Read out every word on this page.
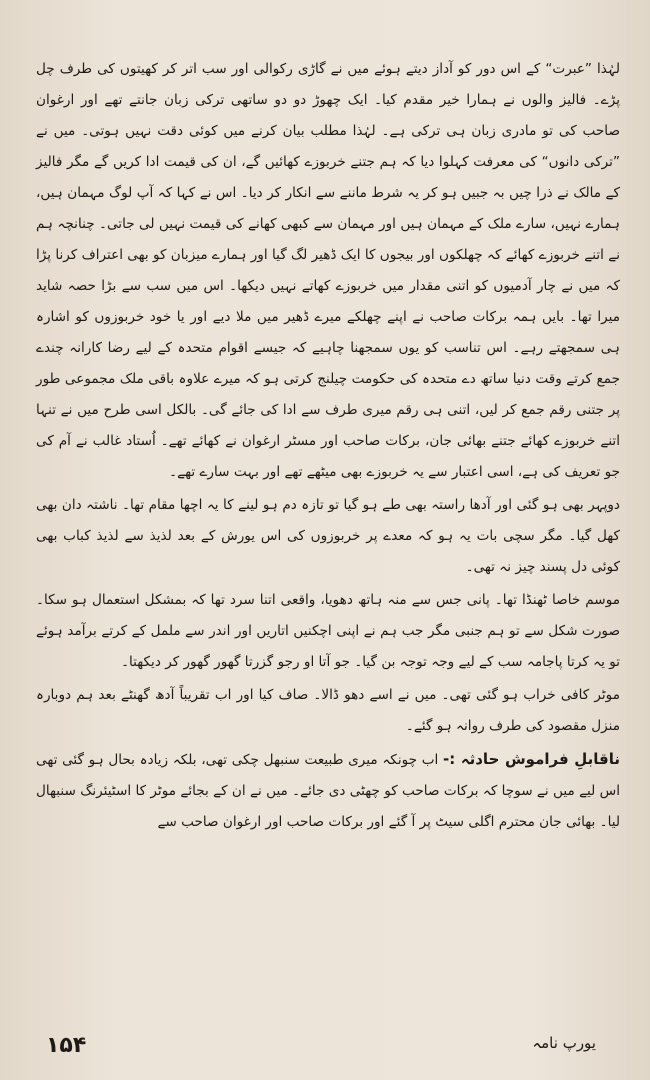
لہٰذا ”عبرت“ کے اس دور کو آداز دیتے ہوئے میں نے گاڑی رکوالی اور سب اتر کر کھیتوں کی طرف چل پڑے۔ فالیز والوں نے ہمارا خیر مقدم کیا۔ ایک چھوڑ دو دو ساتھی ترکی زبان جانتے تھے اور ارغوان صاحب کی تو مادری زبان ہی ترکی ہے۔ لہٰذا مطلب بیان کرنے میں کوئی دقت نہیں ہوتی۔ میں نے ”ترکی دانوں“ کی معرفت کہلوا دیا کہ ہم جتنے خربوزے کھائیں گے، ان کی قیمت ادا کریں گے مگر فالیز کے مالک نے ذرا چیں بہ جبیں ہو کر یہ شرط ماننے سے انکار کر دیا۔ اس نے کہا کہ آپ لوگ مہمان ہیں، ہمارے نہیں، سارے ملک کے مہمان ہیں اور مہمان سے کبھی کھانے کی قیمت نہیں لی جاتی۔ چنانچہ ہم نے اتنے خربوزے کھائے کہ چھلکوں اور بیجوں کا ایک ڈھیر لگ گیا اور ہمارے میزبان کو بھی اعتراف کرنا پڑا کہ میں نے چار آدمیوں کو اتنی مقدار میں خربوزے کھاتے نہیں دیکھا۔ اس میں سب سے بڑا حصہ شاید میرا تھا۔ بایں ہمہ برکات صاحب نے اپنے چھلکے میرے ڈھیر میں ملا دیے اور یا خود خربوزوں کو اشارہ ہی سمجھتے رہے۔ اس تناسب کو یوں سمجھنا چاہیے کہ جیسے اقوام متحدہ کے لیے رضا کارانہ چندے جمع کرتے وقت دنیا ساتھ دے متحدہ کی حکومت چیلنج کرتی ہو کہ میرے علاوہ باقی ملک مجموعی طور پر جتنی رقم جمع کر لیں، اتنی ہی رقم میری طرف سے ادا کی جائے گی۔ بالکل اسی طرح میں نے تنہا اتنے خربوزے کھائے جتنے بھائی جان، برکات صاحب اور مسٹر ارغوان نے کھائے تھے۔ اُستاد غالب نے آم کی جو تعریف کی ہے، اسی اعتبار سے یہ خربوزے بھی میٹھے تھے اور بہت سارے تھے۔

دوپہر بھی ہو گئی اور آدھا راستہ بھی طے ہو گیا تو تازہ دم ہو لینے کا یہ اچھا مقام تھا۔ ناشتہ دان بھی کھل گیا۔ مگر سچی بات یہ ہو کہ معدے پر خربوزوں کی اس یورش کے بعد لذیذ سے لذیذ کباب بھی کوئی دل پسند چیز نہ تھی۔

موسم خاصا ٹھنڈا تھا۔ پانی جس سے منہ ہاتھ دھویا، واقعی اتنا سرد تھا کہ بمشکل استعمال ہو سکا۔ صورت شکل سے تو ہم جنبی مگر جب ہم نے اپنی اچکنیں اتاریں اور اندر سے ململ کے کرتے برآمد ہوئے تو یہ کرتا پاجامہ سب کے لیے وجہ توجہ بن گیا۔ جو آتا او رجو گزرتا گھور گھور کر دیکھتا۔

موٹر کافی خراب ہو گئی تھی۔ میں نے اسے دھو ڈالا۔ صاف کیا اور اب تقریباً آدھ گھنٹے بعد ہم دوبارہ منزل مقصود کی طرف روانہ ہو گئے۔

ناقابلِ فراموش حادثہ :- اب چونکہ میری طبیعت سنبھل چکی تھی، بلکہ زیادہ بحال ہو گئی تھی اس لیے میں نے سوچا کہ برکات صاحب کو چھٹی دی جائے۔ میں نے ان کے بجائے موٹر کا اسٹیئرنگ سنبھال لیا۔ بھائی جان محترم اگلی سیٹ پر آ گئے اور برکات صاحب اور ارغوان صاحب سے

۱۵۴	یورپ نامہ
